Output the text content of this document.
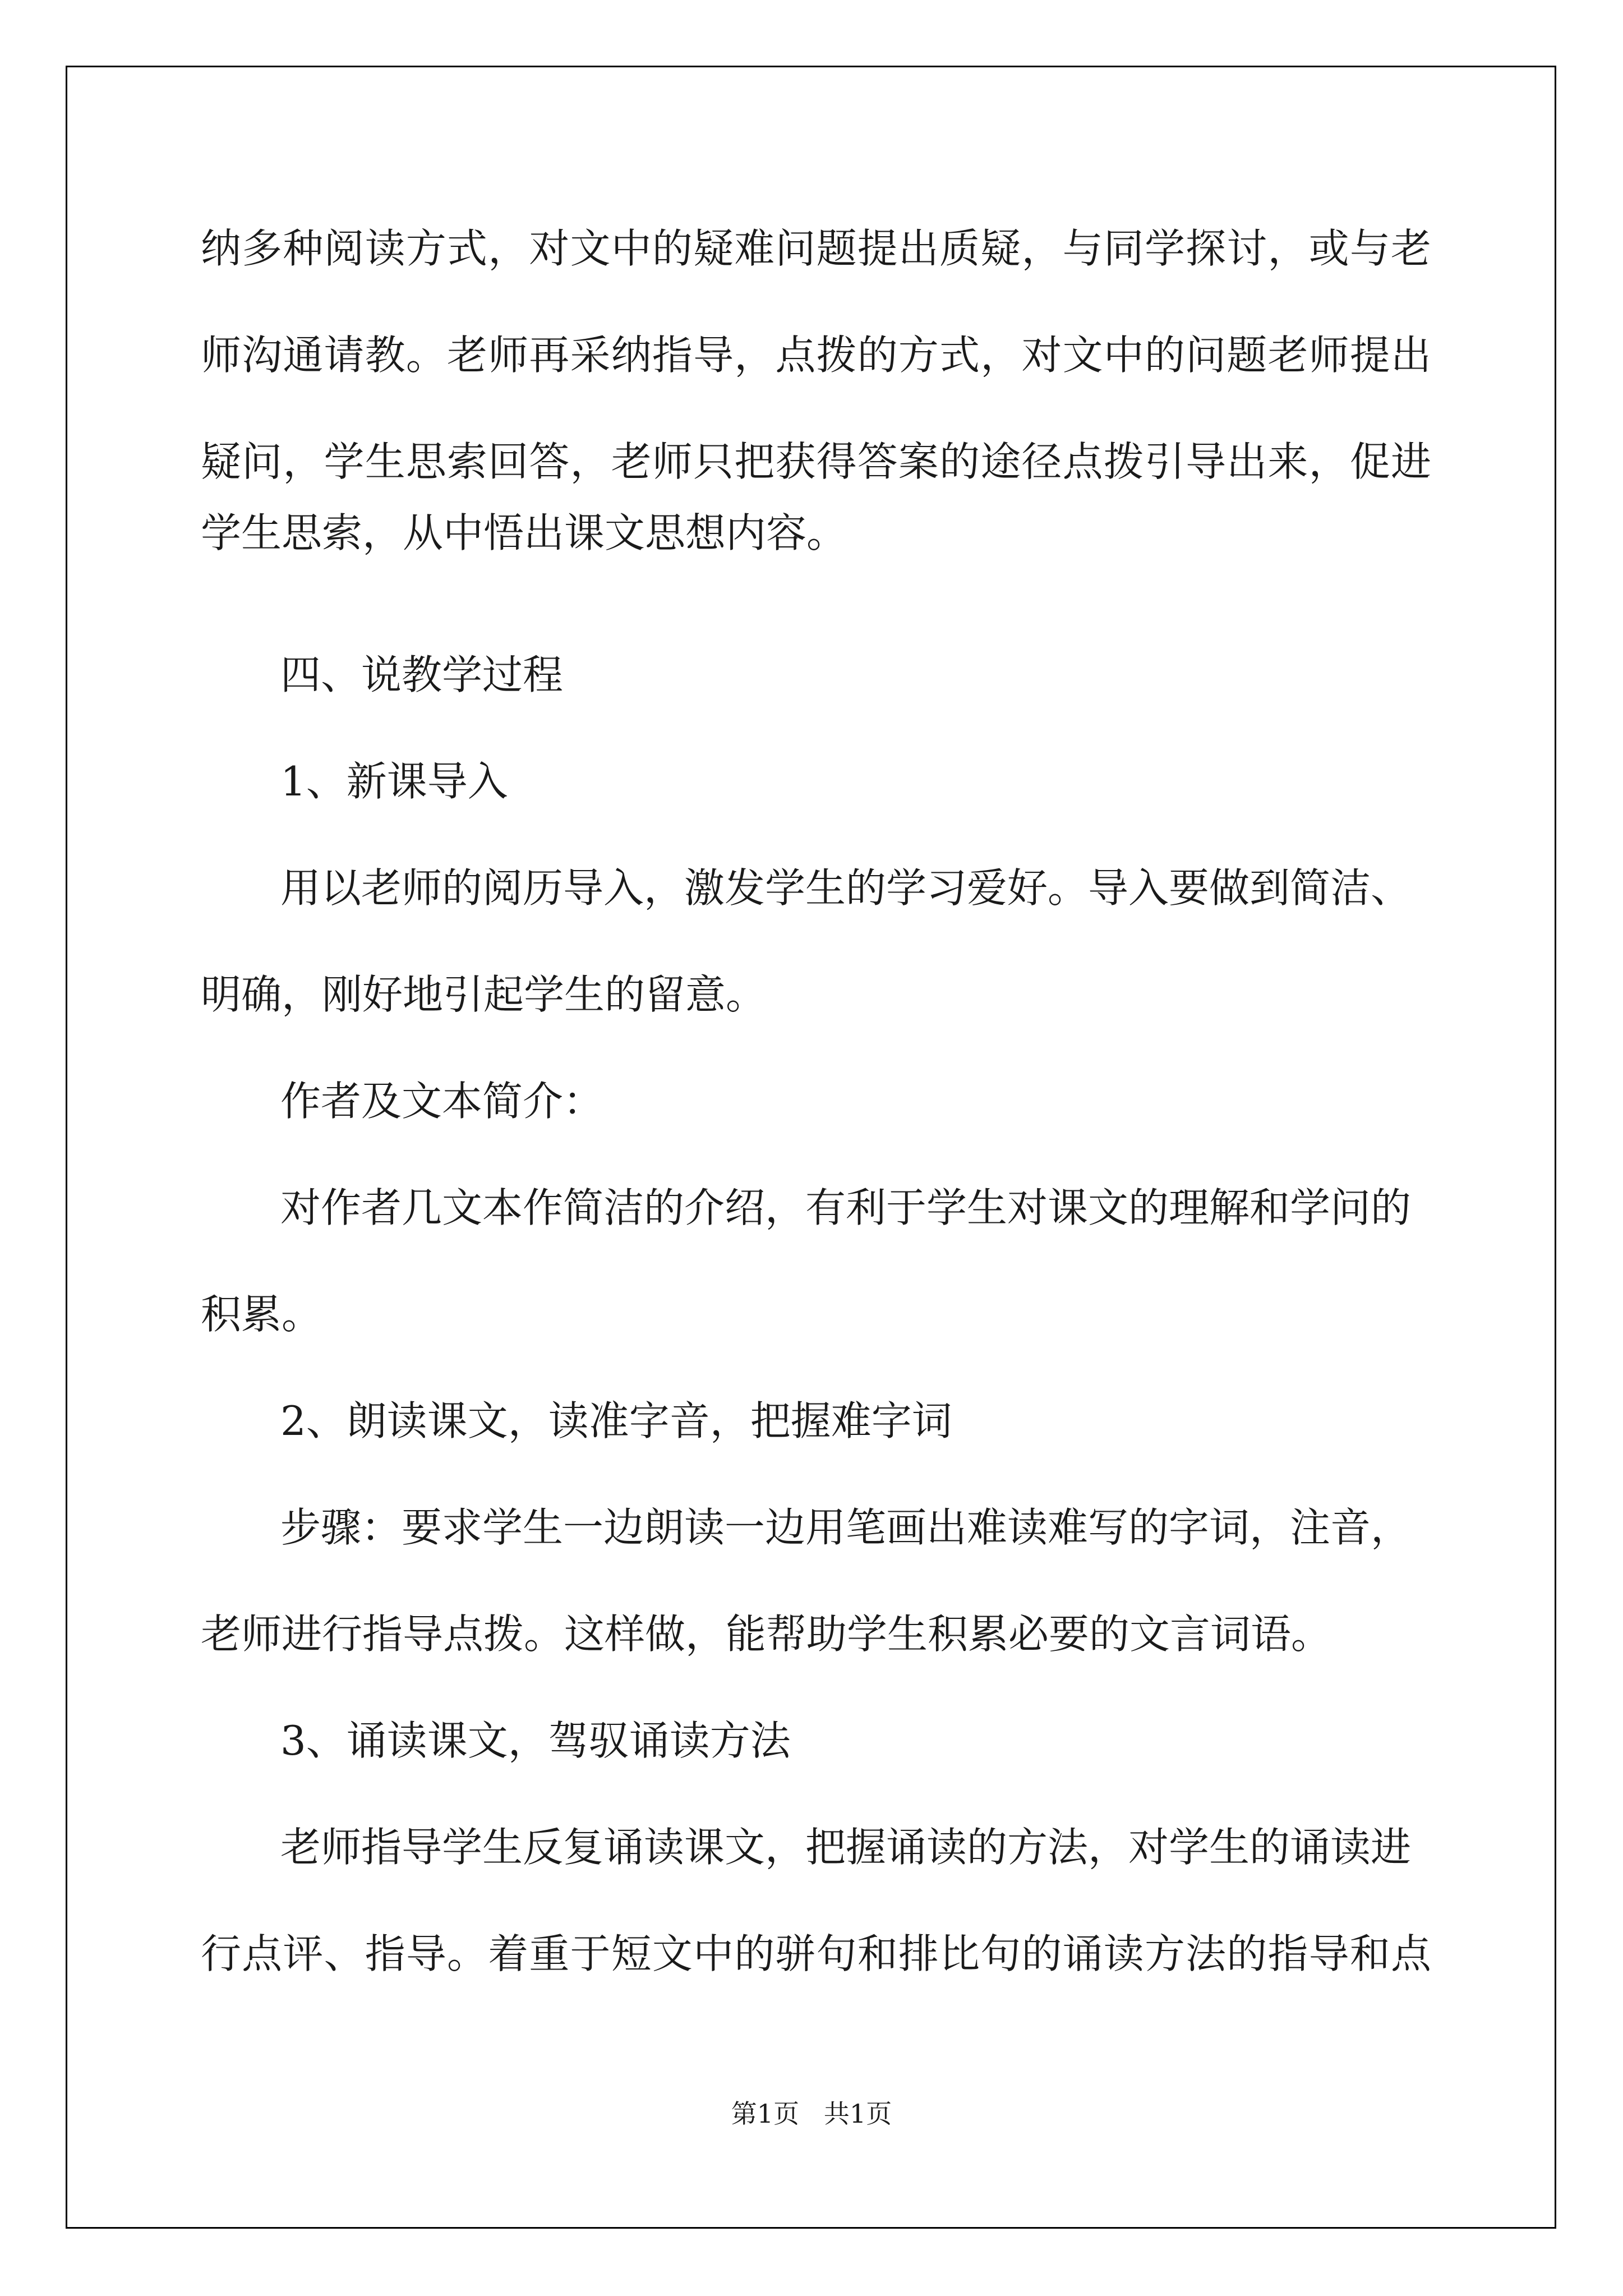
纳多种阅读方式，对文中的疑难问题提出质疑，与同学探讨，或与老
师沟通请教。老师再采纳指导，点拨的方式，对文中的问题老师提出
疑问，学生思索回答，老师只把获得答案的途径点拨引导出来，促进
学生思索，从中悟出课文思想内容。
四、说教学过程
1、新课导入
用以老师的阅历导入，激发学生的学习爱好。导入要做到简洁、
明确，刚好地引起学生的留意。
作者及文本简介：
对作者几文本作简洁的介绍，有利于学生对课文的理解和学问的
积累。
2、朗读课文，读准字音，把握难字词
步骤：要求学生一边朗读一边用笔画出难读难写的字词，注音，
老师进行指导点拨。这样做，能帮助学生积累必要的文言词语。
3、诵读课文，驾驭诵读方法
老师指导学生反复诵读课文，把握诵读的方法，对学生的诵读进
行点评、指导。着重于短文中的骈句和排比句的诵读方法的指导和点
第1页   共1页
